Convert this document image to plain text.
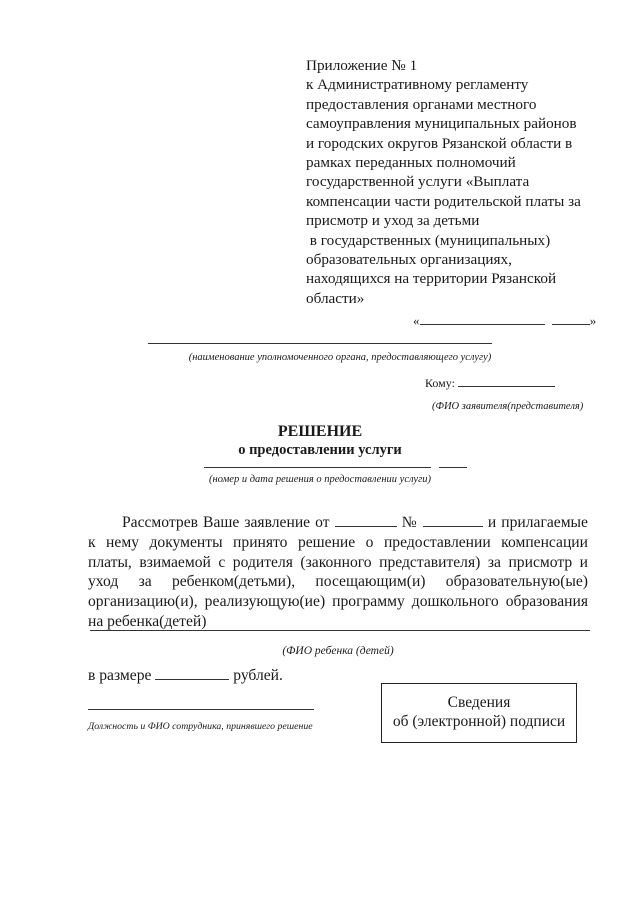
Приложение № 1
к Административному регламенту
предоставления органами местного
самоуправления муниципальных районов
и городских округов Рязанской области в
рамках переданных полномочий
государственной услуги «Выплата
компенсации части родительской платы за
присмотр и уход за детьми
в государственных (муниципальных)
образовательных организациях,
находящихся на территории Рязанской
области»
«	»
(наименование уполномоченного органа, предоставляющего услугу)
Кому:
(ФИО заявителя(представителя)
РЕШЕНИЕ
о предоставлении услуги
(номер и дата решения о предоставлении услуги)

Рассмотрев Ваше заявление от	№	и прилагаемые к нему документы принято решение о предоставлении компенсации платы, взимаемой с родителя (законного представителя) за присмотр и уход за ребенком(детьми), посещающим(и) образовательную(ые) организацию(и), реализующую(ие) программу дошкольного образования на ребенка(детей)

(ФИО ребенка (детей)
в размере	рублей.
Должность и ФИО сотрудника, принявшего решение
Сведения
об (электронной) подписи
